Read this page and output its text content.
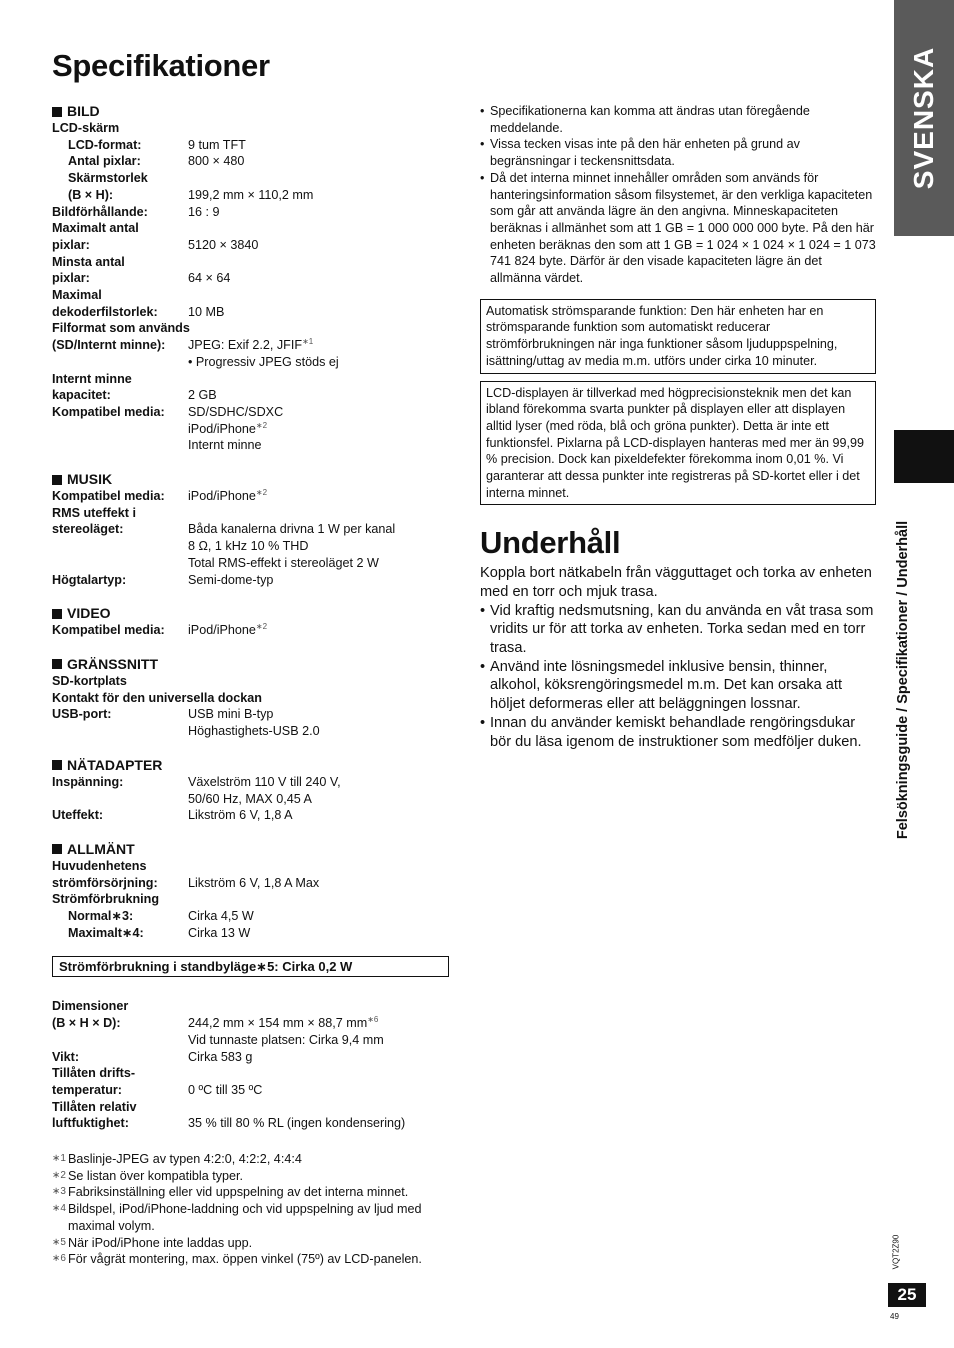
Specifikationer
BILD
LCD-skärm
LCD-format:	9 tum TFT
Antal pixlar:	800 × 480
Skärmstorlek
(B × H):	199,2 mm × 110,2 mm
Bildförhållande:	16 : 9
Maximalt antal
pixlar:	5120 × 3840
Minsta antal
pixlar:	64 × 64
Maximal
dekoderfilstorlek:	10 MB
Filformat som används
(SD/Internt minne):	JPEG: Exif 2.2, $JFIF^{∗1}$
• Progressiv JPEG stöds ej
Internt minne
kapacitet:	2 GB
Kompatibel media:	SD/SDHC/SDXC
iPod/iPhone$^{∗2}$
Internt minne
MUSIK
Kompatibel media:	iPod/iPhone$^{∗2}$
RMS uteffekt i
stereoläget:	Båda kanalerna drivna 1 W per kanal
8 Ω, 1 kHz 10 % THD
Total RMS-effekt i stereoläget 2 W
Högtalartyp:	Semi-dome-typ
VIDEO
Kompatibel media:	iPod/iPhone$^{∗2}$
GRÄNSSNITT
SD-kortplats
Kontakt för den universella dockan
USB-port:	USB mini B-typ
Höghastighets-USB 2.0
NÄTADAPTER
Inspänning:	Växelström 110 V till 240 V,
50/60 Hz, MAX 0,45 A
Uteffekt:	Likström 6 V, 1,8 A
ALLMÄNT
Huvudenhetens
strömförsörjning:	Likström 6 V, 1,8 A Max
Strömförbrukning
Normal∗3:	Cirka 4,5 W
Maximalt∗4:	Cirka 13 W
Strömförbrukning i standbyläge∗5: Cirka 0,2 W
Dimensioner
(B × H × D):	244,2 mm × 154 mm × 88,7 $mm^{∗6}$
Vid tunnaste platsen: Cirka 9,4 mm
Vikt:	Cirka 583 g
Tillåten drifts-
temperatur:	0 ºC till 35 ºC
Tillåten relativ
luftfuktighet:	35 % till 80 % RL (ingen kondensering)
∗1 Baslinje-JPEG av typen 4:2:0, 4:2:2, 4:4:4
∗2 Se listan över kompatibla typer.
∗3 Fabriksinställning eller vid uppspelning av det interna minnet.
∗4 Bildspel, iPod/iPhone-laddning och vid uppspelning av ljud med maximal volym.
∗5 När iPod/iPhone inte laddas upp.
∗6 För vågrät montering, max. öppen vinkel (75º) av LCD-panelen.
• Specifikationerna kan komma att ändras utan föregående meddelande.
• Vissa tecken visas inte på den här enheten på grund av begränsningar i teckensnittsdata.
• Då det interna minnet innehåller områden som används för hanteringsinformation såsom filsystemet, är den verkliga kapaciteten som går att använda lägre än den angivna. Minneskapaciteten beräknas i allmänhet som att 1 GB = 1 000 000 000 byte. På den här enheten beräknas den som att 1 GB = 1 024 × 1 024 × 1 024 = 1 073 741 824 byte. Därför är den visade kapaciteten lägre än det allmänna värdet.
Automatisk strömsparande funktion: Den här enheten har en strömsparande funktion som automatiskt reducerar strömförbrukningen när inga funktioner såsom ljuduppspelning, isättning/uttag av media m.m. utförs under cirka 10 minuter.
LCD-displayen är tillverkad med högprecisionsteknik men det kan ibland förekomma svarta punkter på displayen eller att displayen alltid lyser (med röda, blå och gröna punkter). Detta är inte ett funktionsfel. Pixlarna på LCD-displayen hanteras med mer än 99,99 % precision. Dock kan pixeldefekter förekomma inom 0,01 %. Vi garanterar att dessa punkter inte registreras på SD-kortet eller i det interna minnet.
Underhåll
Koppla bort nätkabeln från vägguttaget och torka av enheten med en torr och mjuk trasa.
• Vid kraftig nedsmutsning, kan du använda en våt trasa som vridits ur för att torka av enheten. Torka sedan med en torr trasa.
• Använd inte lösningsmedel inklusive bensin, thinner, alkohol, köksrengöringsmedel m.m. Det kan orsaka att höljet deformeras eller att beläggningen lossnar.
• Innan du använder kemiskt behandlade rengöringsdukar bör du läsa igenom de instruktioner som medföljer duken.
SVENSKA
Felsökningsguide / Specifikationer / Underhåll
VQT2Z90
25
49
